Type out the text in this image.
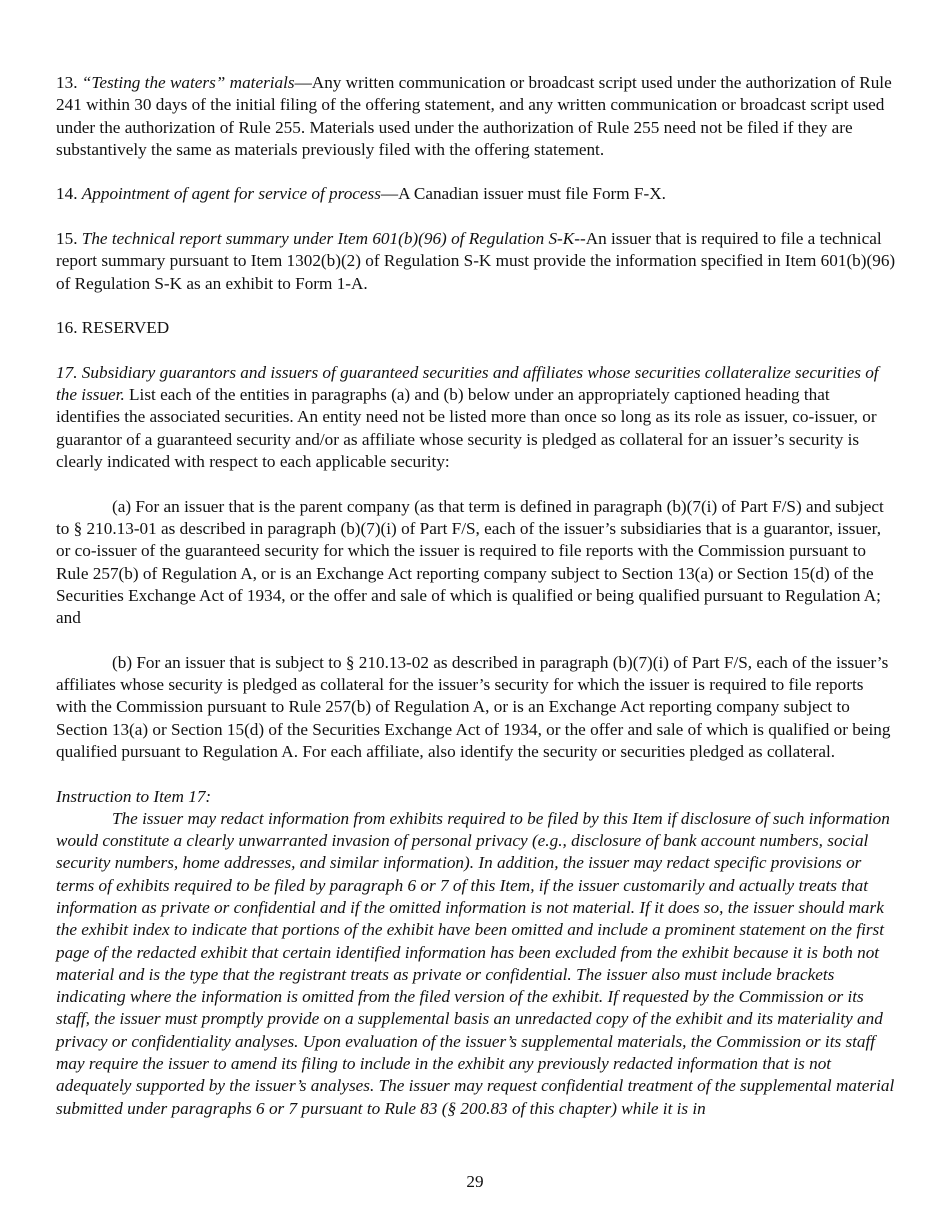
13. “Testing the waters” materials—Any written communication or broadcast script used under the authorization of Rule 241 within 30 days of the initial filing of the offering statement, and any written communication or broadcast script used under the authorization of Rule 255. Materials used under the authorization of Rule 255 need not be filed if they are substantively the same as materials previously filed with the offering statement.

14. Appointment of agent for service of process—A Canadian issuer must file Form F-X.

15. The technical report summary under Item 601(b)(96) of Regulation S-K--An issuer that is required to file a technical report summary pursuant to Item 1302(b)(2) of Regulation S-K must provide the information specified in Item 601(b)(96) of Regulation S-K as an exhibit to Form 1-A.

16. RESERVED

17. Subsidiary guarantors and issuers of guaranteed securities and affiliates whose securities collateralize securities of the issuer. List each of the entities in paragraphs (a) and (b) below under an appropriately captioned heading that identifies the associated securities. An entity need not be listed more than once so long as its role as issuer, co-issuer, or guarantor of a guaranteed security and/or as affiliate whose security is pledged as collateral for an issuer’s security is clearly indicated with respect to each applicable security:

(a) For an issuer that is the parent company (as that term is defined in paragraph (b)(7(i) of Part F/S) and subject to § 210.13-01 as described in paragraph (b)(7)(i) of Part F/S, each of the issuer’s subsidiaries that is a guarantor, issuer, or co-issuer of the guaranteed security for which the issuer is required to file reports with the Commission pursuant to Rule 257(b) of Regulation A, or is an Exchange Act reporting company subject to Section 13(a) or Section 15(d) of the Securities Exchange Act of 1934, or the offer and sale of which is qualified or being qualified pursuant to Regulation A; and

(b) For an issuer that is subject to § 210.13-02 as described in paragraph (b)(7)(i) of Part F/S, each of the issuer’s affiliates whose security is pledged as collateral for the issuer’s security for which the issuer is required to file reports with the Commission pursuant to Rule 257(b) of Regulation A, or is an Exchange Act reporting company subject to Section 13(a) or Section 15(d) of the Securities Exchange Act of 1934, or the offer and sale of which is qualified or being qualified pursuant to Regulation A. For each affiliate, also identify the security or securities pledged as collateral.

Instruction to Item 17:

The issuer may redact information from exhibits required to be filed by this Item if disclosure of such information would constitute a clearly unwarranted invasion of personal privacy (e.g., disclosure of bank account numbers, social security numbers, home addresses, and similar information). In addition, the issuer may redact specific provisions or terms of exhibits required to be filed by paragraph 6 or 7 of this Item, if the issuer customarily and actually treats that information as private or confidential and if the omitted information is not material. If it does so, the issuer should mark the exhibit index to indicate that portions of the exhibit have been omitted and include a prominent statement on the first page of the redacted exhibit that certain identified information has been excluded from the exhibit because it is both not material and is the type that the registrant treats as private or confidential. The issuer also must include brackets indicating where the information is omitted from the filed version of the exhibit. If requested by the Commission or its staff, the issuer must promptly provide on a supplemental basis an unredacted copy of the exhibit and its materiality and privacy or confidentiality analyses. Upon evaluation of the issuer’s supplemental materials, the Commission or its staff may require the issuer to amend its filing to include in the exhibit any previously redacted information that is not adequately supported by the issuer’s analyses. The issuer may request confidential treatment of the supplemental material submitted under paragraphs 6 or 7 pursuant to Rule 83 (§ 200.83 of this chapter) while it is in

29
